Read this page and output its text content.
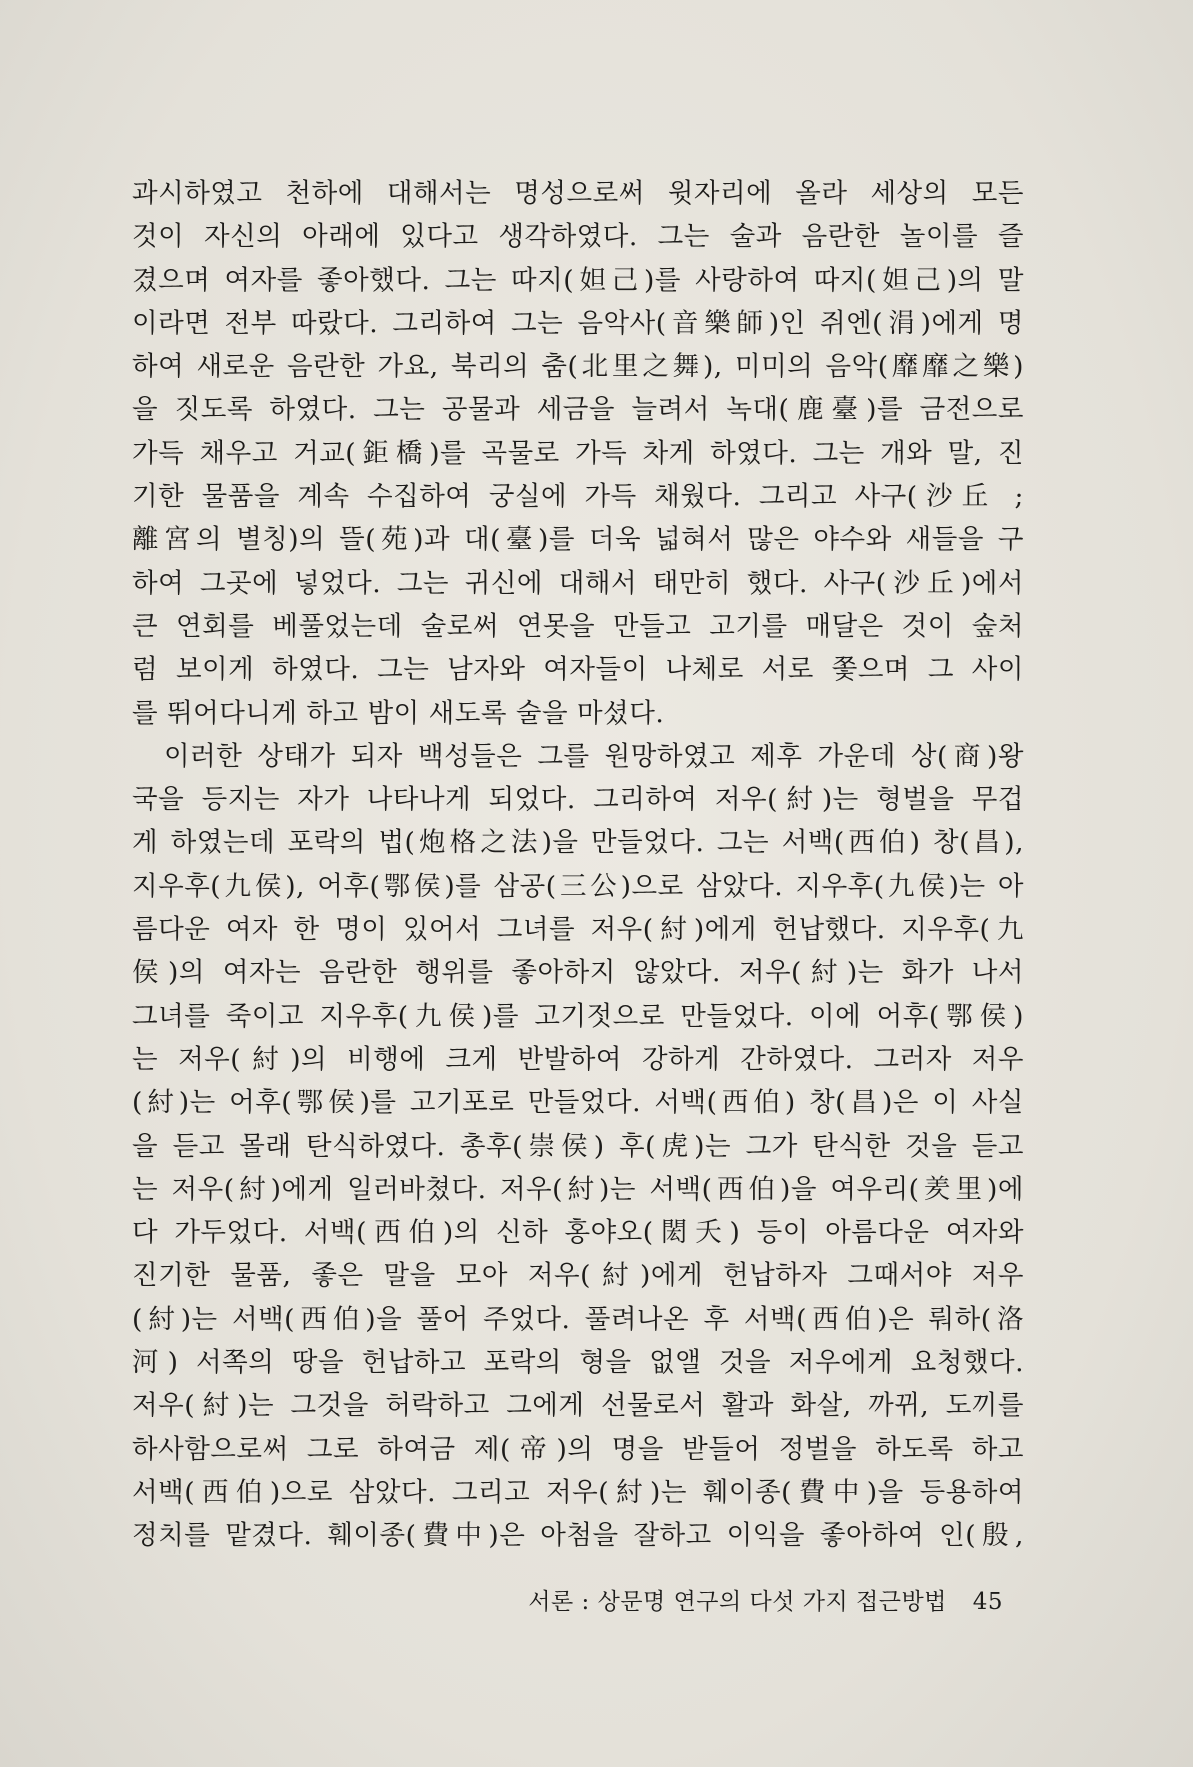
과시하였고 천하에 대해서는 명성으로써 윗자리에 올라 세상의 모든
것이 자신의 아래에 있다고 생각하였다. 그는 술과 음란한 놀이를 즐
겼으며 여자를 좋아했다. 그는 따지(妲己)를 사랑하여 따지(妲己)의 말
이라면 전부 따랐다. 그리하여 그는 음악사(音樂師)인 쥐엔(涓)에게 명
하여 새로운 음란한 가요, 북리의 춤(北里之舞), 미미의 음악(靡靡之樂)
을 짓도록 하였다. 그는 공물과 세금을 늘려서 녹대(鹿臺)를 금전으로
가득 채우고 거교(鉅橋)를 곡물로 가득 차게 하였다. 그는 개와 말, 진
기한 물품을 계속 수집하여 궁실에 가득 채웠다. 그리고 사구(沙丘 ;
離宮의 별칭)의 뜰(苑)과 대(臺)를 더욱 넓혀서 많은 야수와 새들을 구
하여 그곳에 넣었다. 그는 귀신에 대해서 태만히 했다. 사구(沙丘)에서
큰 연회를 베풀었는데 술로써 연못을 만들고 고기를 매달은 것이 숲처
럼 보이게 하였다. 그는 남자와 여자들이 나체로 서로 쫓으며 그 사이
를 뛰어다니게 하고 밤이 새도록 술을 마셨다.
이러한 상태가 되자 백성들은 그를 원망하였고 제후 가운데 상(商)왕
국을 등지는 자가 나타나게 되었다. 그리하여 저우(紂)는 형벌을 무겁
게 하였는데 포락의 법(炮格之法)을 만들었다. 그는 서백(西伯) 창(昌),
지우후(九侯), 어후(鄂侯)를 삼공(三公)으로 삼았다. 지우후(九侯)는 아
름다운 여자 한 명이 있어서 그녀를 저우(紂)에게 헌납했다. 지우후(九
侯)의 여자는 음란한 행위를 좋아하지 않았다. 저우(紂)는 화가 나서
그녀를 죽이고 지우후(九侯)를 고기젓으로 만들었다. 이에 어후(鄂侯)
는 저우(紂)의 비행에 크게 반발하여 강하게 간하였다. 그러자 저우
(紂)는 어후(鄂侯)를 고기포로 만들었다. 서백(西伯) 창(昌)은 이 사실
을 듣고 몰래 탄식하였다. 총후(崇侯) 후(虎)는 그가 탄식한 것을 듣고
는 저우(紂)에게 일러바쳤다. 저우(紂)는 서백(西伯)을 여우리(羑里)에
다 가두었다. 서백(西伯)의 신하 홍야오(閎夭) 등이 아름다운 여자와
진기한 물품, 좋은 말을 모아 저우(紂)에게 헌납하자 그때서야 저우
(紂)는 서백(西伯)을 풀어 주었다. 풀려나온 후 서백(西伯)은 뤄하(洛
河) 서쪽의 땅을 헌납하고 포락의 형을 없앨 것을 저우에게 요청했다.
저우(紂)는 그것을 허락하고 그에게 선물로서 활과 화살, 까뀌, 도끼를
하사함으로써 그로 하여금 제(帝)의 명을 받들어 정벌을 하도록 하고
서백(西伯)으로 삼았다. 그리고 저우(紂)는 훼이종(費中)을 등용하여
정치를 맡겼다. 훼이종(費中)은 아첨을 잘하고 이익을 좋아하여 인(殷,
서론 : 상문명 연구의 다섯 가지 접근방법 45
